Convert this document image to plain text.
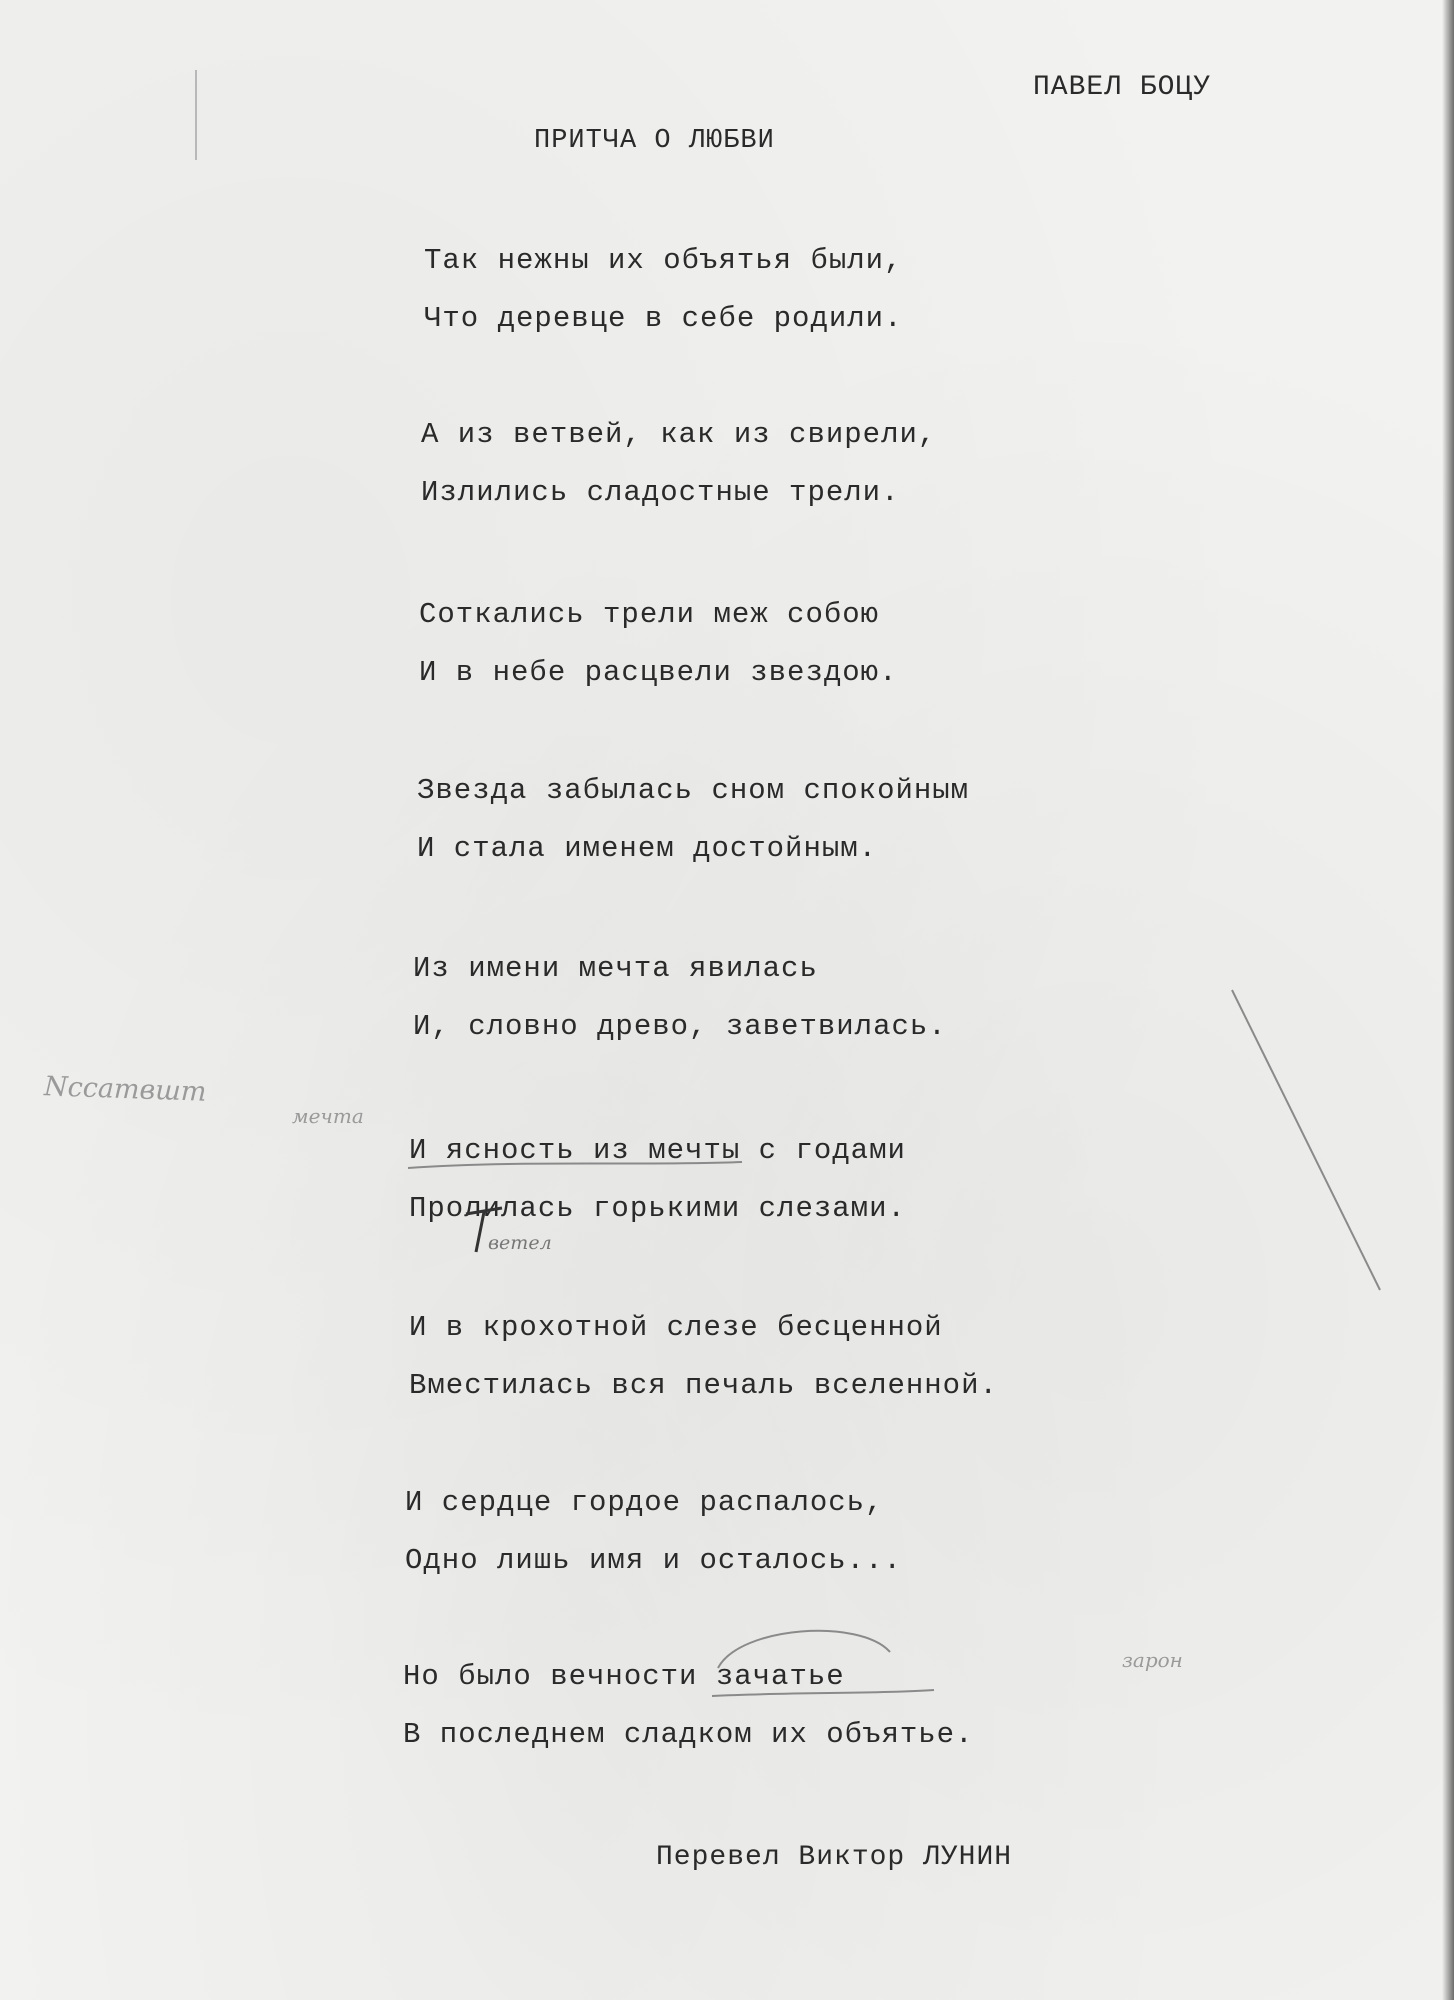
ПАВЕЛ БОЦУ
ПРИТЧА О ЛЮБВИ
Так нежны их объятья были,
Что деревце в себе родили.
А из ветвей, как из свирели,
Излились сладостные трели.
Соткались трели меж собою
И в небе расцвели звездою.
Звезда забылась сном спокойным
И стала именем достойным.
Из имени мечта явилась
И, словно древо, заветвилась.
И ясность из мечты с годами
Пролилась горькими слезами.
И в крохотной слезе бесценной
Вместилась вся печаль вселенной.
И сердце гордое распалось,
Одно лишь имя и осталось...
Но было вечности зачатье
В последнем сладком их объятье.
Перевел Виктор ЛУНИН
Nccaтвшт
мечта
ветел
зарон
